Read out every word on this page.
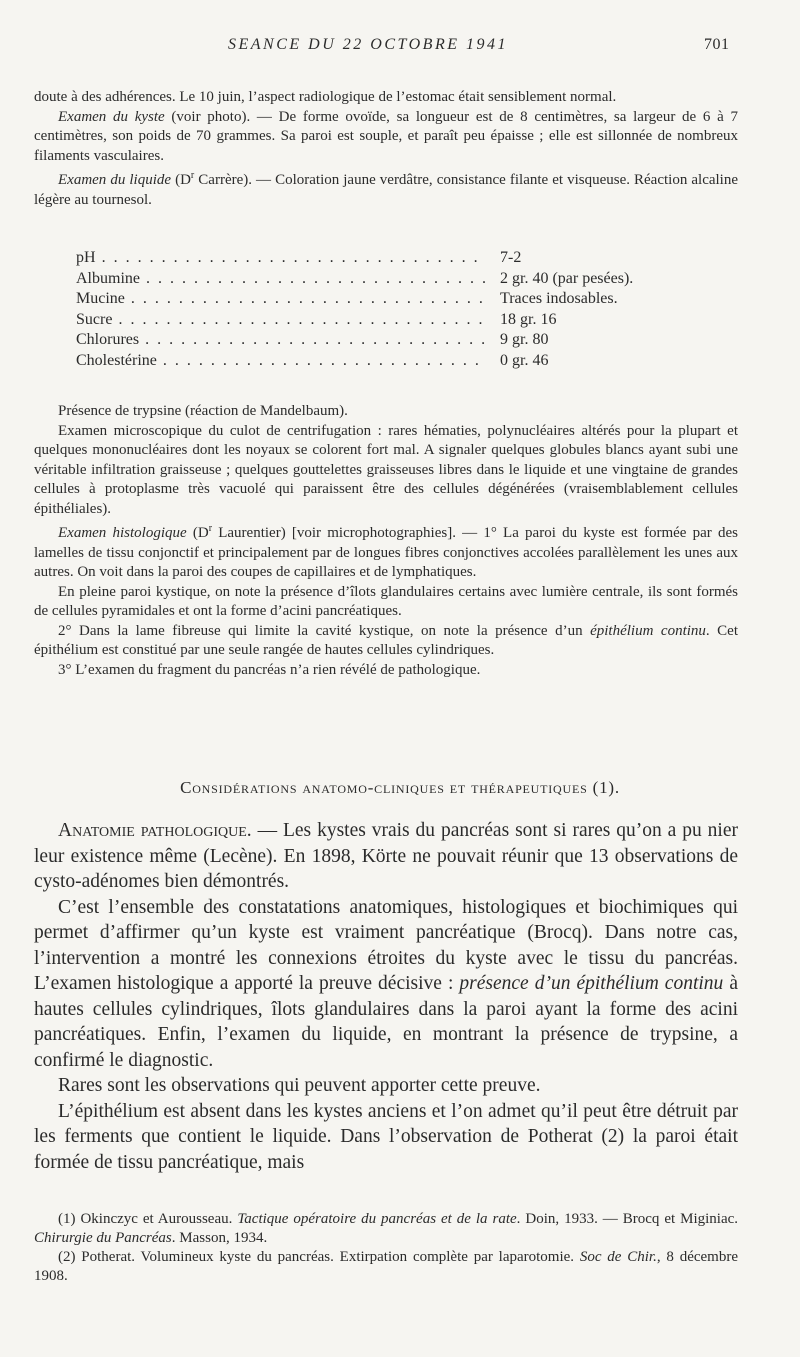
SEANCE DU 22 OCTOBRE 1941	701

doute à des adhérences. Le 10 juin, l’aspect radiologique de l’estomac était sensiblement normal.

Examen du kyste (voir photo). — De forme ovoïde, sa longueur est de 8 centimètres, sa largeur de 6 à 7 centimètres, son poids de 70 grammes. Sa paroi est souple, et paraît peu épaisse ; elle est sillonnée de nombreux filaments vasculaires.

Examen du liquide ($D^r$ Carrère). — Coloration jaune verdâtre, consistance filante et visqueuse. Réaction alcaline légère au tournesol.

pH . . .	7-2
Albumine . . .	2 gr. 40 (par pesées).
Mucine . . .	Traces indosables.
Sucre . . .	18 gr. 16
Chlorures . . .	9 gr. 80
Cholestérine . . .	0 gr. 46

Présence de trypsine (réaction de Mandelbaum).

Examen microscopique du culot de centrifugation : rares hématies, polynucléaires altérés pour la plupart et quelques mononucléaires dont les noyaux se colorent fort mal. A signaler quelques globules blancs ayant subi une véritable infiltration graisseuse ; quelques gouttelettes graisseuses libres dans le liquide et une vingtaine de grandes cellules à protoplasme très vacuolé qui paraissent être des cellules dégénérées (vraisemblablement cellules épithéliales).

Examen histologique ($D^r$ Laurentier) [voir microphotographies]. — 1° La paroi du kyste est formée par des lamelles de tissu conjonctif et principalement par de longues fibres conjonctives accolées parallèlement les unes aux autres. On voit dans la paroi des coupes de capillaires et de lymphatiques.

En pleine paroi kystique, on note la présence d’îlots glandulaires certains avec lumière centrale, ils sont formés de cellules pyramidales et ont la forme d’acini pancréatiques.

2° Dans la lame fibreuse qui limite la cavité kystique, on note la présence d’un épithélium continu. Cet épithélium est constitué par une seule rangée de hautes cellules cylindriques.

3° L’examen du fragment du pancréas n’a rien révélé de pathologique.

Considérations anatomo-cliniques et thérapeutiques (1).

Anatomie pathologique. — Les kystes vrais du pancréas sont si rares qu’on a pu nier leur existence même (Lecène). En 1898, Körte ne pouvait réunir que 13 observations de cysto-adénomes bien démontrés.

C’est l’ensemble des constatations anatomiques, histologiques et biochimiques qui permet d’affirmer qu’un kyste est vraiment pancréatique (Brocq). Dans notre cas, l’intervention a montré les connexions étroites du kyste avec le tissu du pancréas. L’examen histologique a apporté la preuve décisive : présence d’un épithélium continu à hautes cellules cylindriques, îlots glandulaires dans la paroi ayant la forme des acini pancréatiques. Enfin, l’examen du liquide, en montrant la présence de trypsine, a confirmé le diagnostic.

Rares sont les observations qui peuvent apporter cette preuve.

L’épithélium est absent dans les kystes anciens et l’on admet qu’il peut être détruit par les ferments que contient le liquide. Dans l’observation de Potherat (2) la paroi était formée de tissu pancréatique, mais

(1) Okinczyc et Aurousseau. Tactique opératoire du pancréas et de la rate. Doin, 1933. — Brocq et Miginiac. Chirurgie du Pancréas. Masson, 1934.

(2) Potherat. Volumineux kyste du pancréas. Extirpation complète par laparotomie. Soc de Chir., 8 décembre 1908.
